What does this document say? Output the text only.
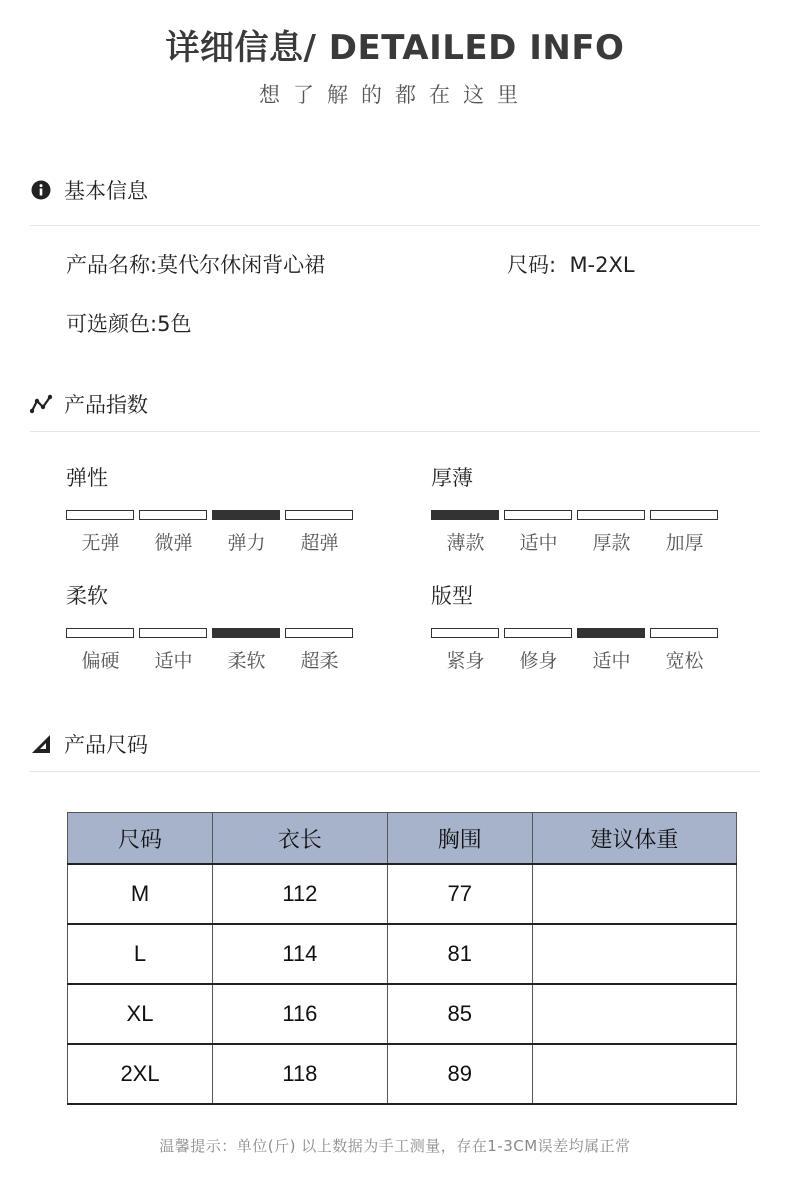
详细信息/ DETAILED INFO
想了解的都在这里
基本信息
产品名称:莫代尔休闲背心裙	尺码: M-2XL
可选颜色:5色
产品指数
弹性
无弹	微弹	弹力	超弹
厚薄
薄款	适中	厚款	加厚
柔软
偏硬	适中	柔软	超柔
版型
紧身	修身	适中	宽松
产品尺码
尺码	衣长	胸围	建议体重
M	112	77	
L	114	81	
XL	116	85	
2XL	118	89	
温馨提示：单位(斤) 以上数据为手工测量，存在1-3CM误差均属正常
